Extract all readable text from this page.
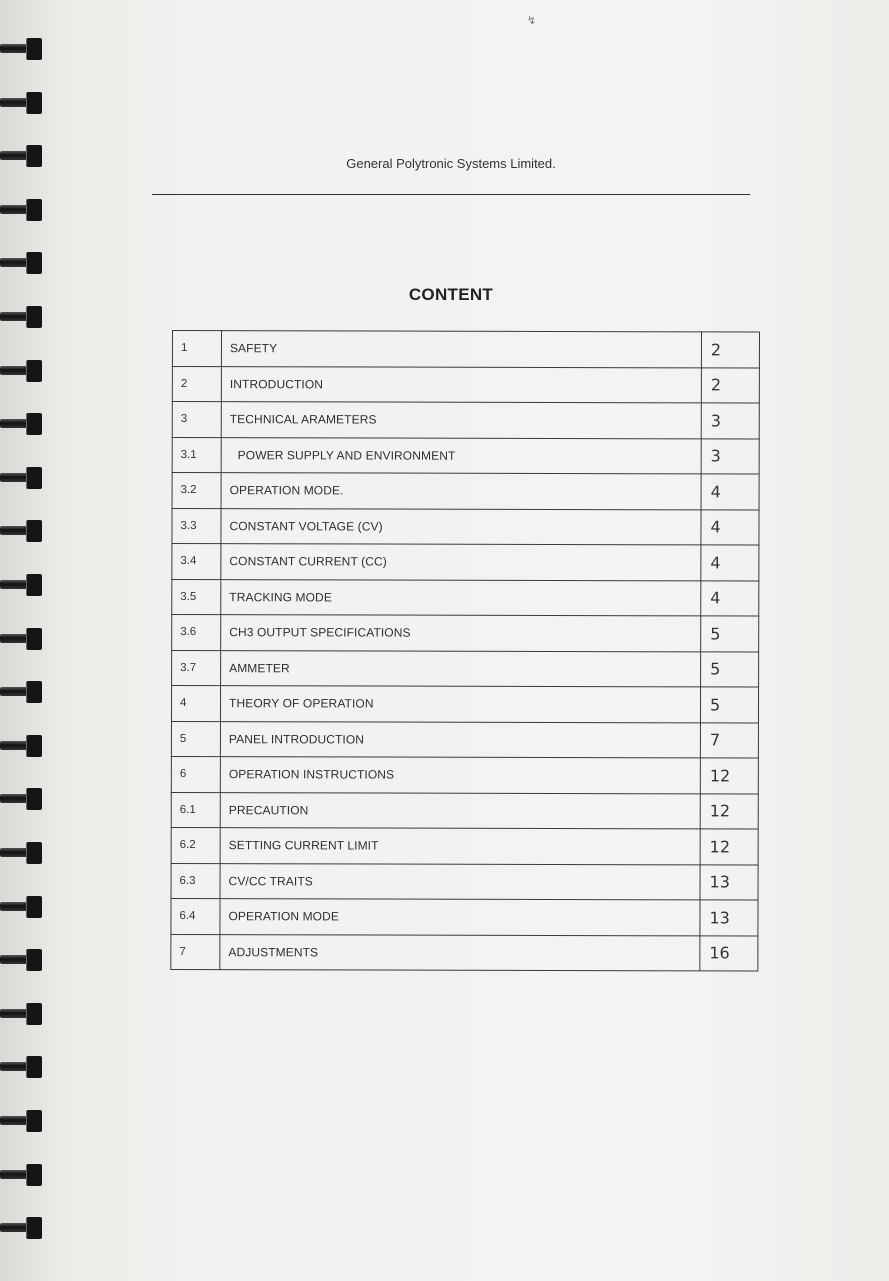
↯
General Polytronic Systems Limited.
CONTENT
1	SAFETY	2
2	INTRODUCTION	2
3	TECHNICAL ARAMETERS	3
3.1	POWER SUPPLY AND ENVIRONMENT	3
3.2	OPERATION MODE.	4
3.3	CONSTANT VOLTAGE (CV)	4
3.4	CONSTANT CURRENT (CC)	4
3.5	TRACKING MODE	4
3.6	CH3 OUTPUT SPECIFICATIONS	5
3.7	AMMETER	5
4	THEORY OF OPERATION	5
5	PANEL INTRODUCTION	7
6	OPERATION INSTRUCTIONS	12
6.1	PRECAUTION	12
6.2	SETTING CURRENT LIMIT	12
6.3	CV/CC TRAITS	13
6.4	OPERATION MODE	13
7	ADJUSTMENTS	16
